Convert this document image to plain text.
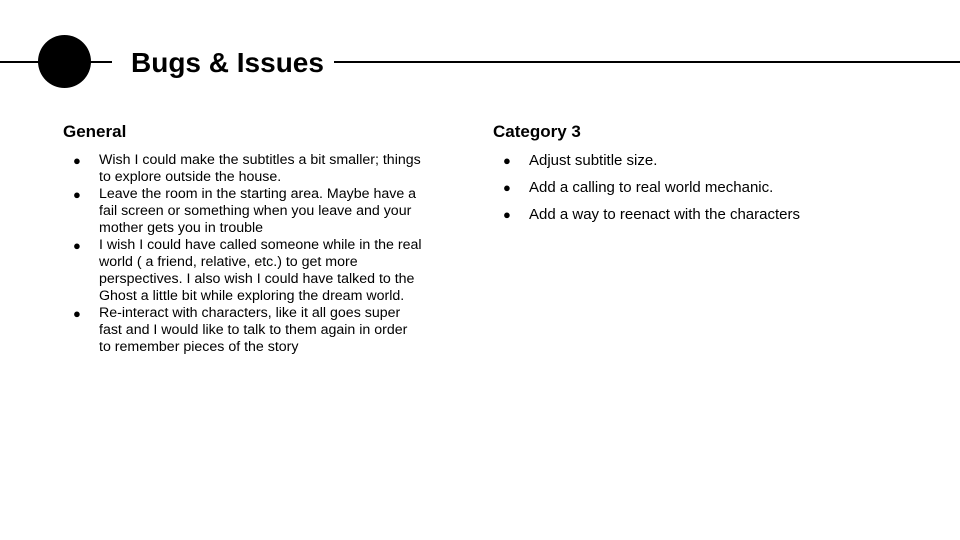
Bugs & Issues
General
● Wish I could make the subtitles a bit smaller; things to explore outside the house.
● Leave the room in the starting area. Maybe have a fail screen or something when you leave and your mother gets you in trouble
● I wish I could have called someone while in the real world ( a friend, relative, etc.) to get more perspectives. I also wish I could have talked to the Ghost a little bit while exploring the dream world.
● Re-interact with characters, like it all goes super fast and I would like to talk to them again in order to remember pieces of the story
Category 3
● Adjust subtitle size.
● Add a calling to real world mechanic.
● Add a way to reenact with the characters
